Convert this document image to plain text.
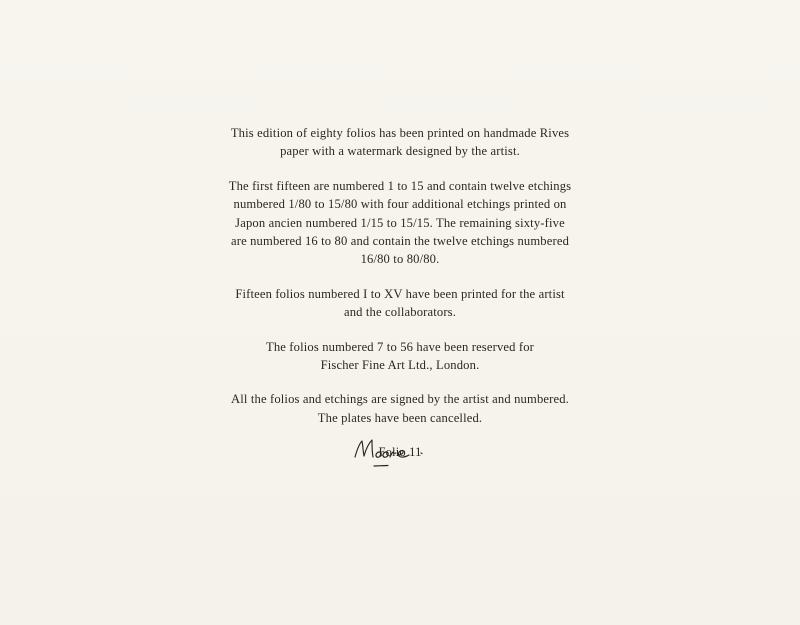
This edition of eighty folios has been printed on handmade Rives
paper with a watermark designed by the artist.

The first fifteen are numbered 1 to 15 and contain twelve etchings
numbered 1/80 to 15/80 with four additional etchings printed on
Japon ancien numbered 1/15 to 15/15. The remaining sixty-five
are numbered 16 to 80 and contain the twelve etchings numbered
16/80 to 80/80.

Fifteen folios numbered I to XV have been printed for the artist
and the collaborators.

The folios numbered 7 to 56 have been reserved for
Fischer Fine Art Ltd., London.

All the folios and etchings are signed by the artist and numbered.
The plates have been cancelled.

Folio 11
